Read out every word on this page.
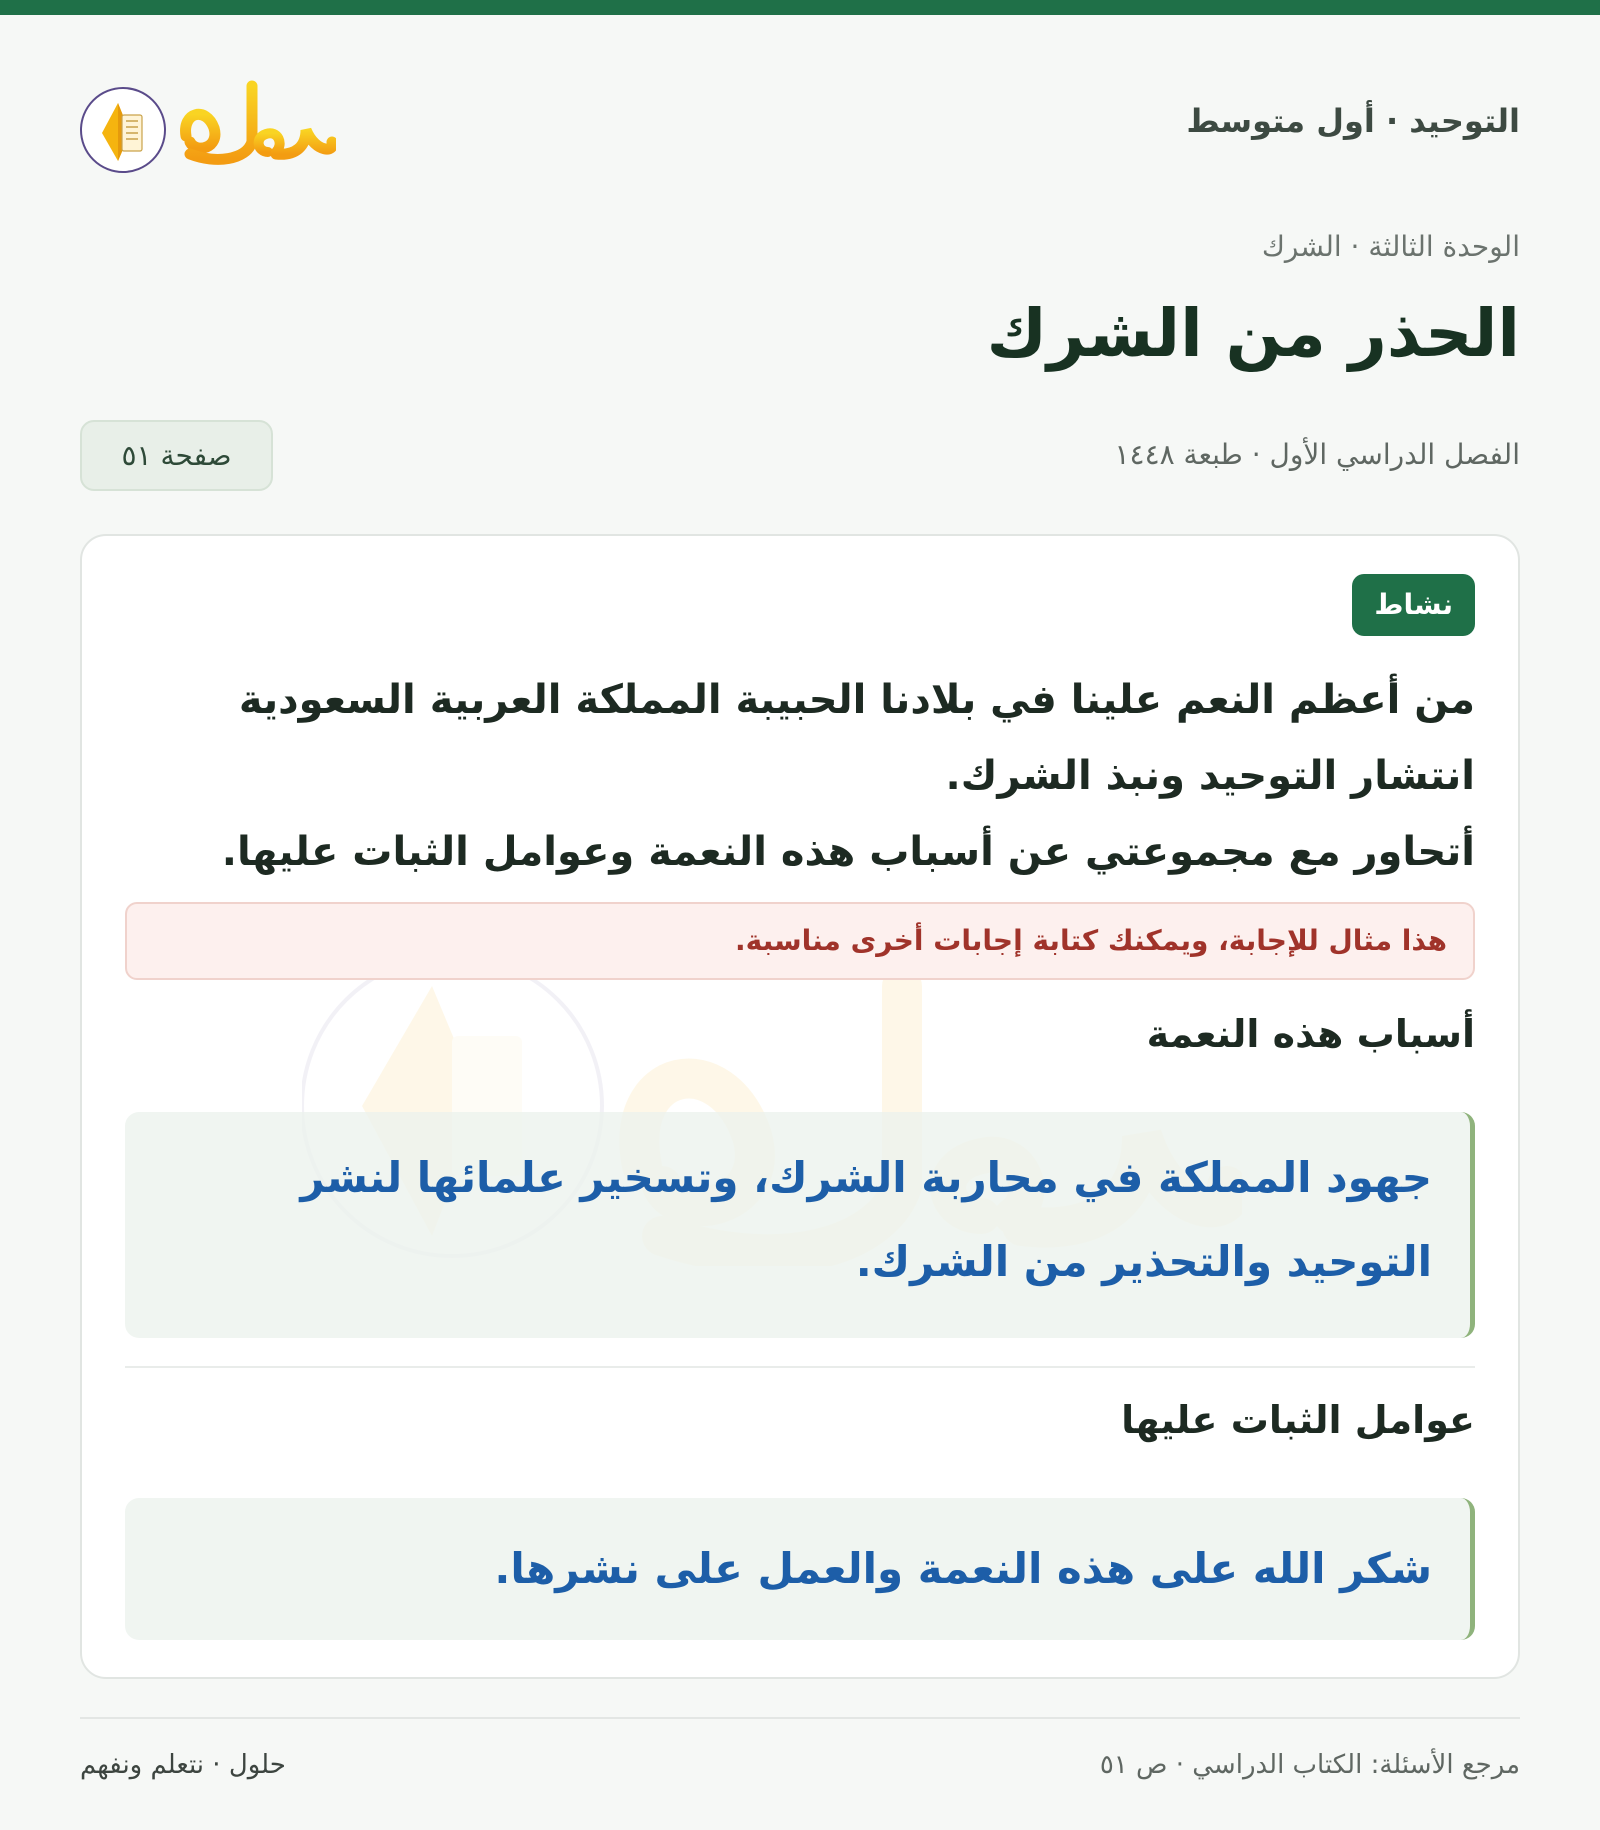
التوحيد · أول متوسط
الوحدة الثالثة · الشرك
الحذر من الشرك
الفصل الدراسي الأول · طبعة ١٤٤٨
صفحة ٥١
نشاط
من أعظم النعم علينا في بلادنا الحبيبة المملكة العربية السعودية
انتشار التوحيد ونبذ الشرك.
أتحاور مع مجموعتي عن أسباب هذه النعمة وعوامل الثبات عليها.
هذا مثال للإجابة، ويمكنك كتابة إجابات أخرى مناسبة.
أسباب هذه النعمة
جهود المملكة في محاربة الشرك، وتسخير علمائها لنشر
التوحيد والتحذير من الشرك.
عوامل الثبات عليها
شكر الله على هذه النعمة والعمل على نشرها.
مرجع الأسئلة: الكتاب الدراسي · ص ٥١
حلول · نتعلم ونفهم
